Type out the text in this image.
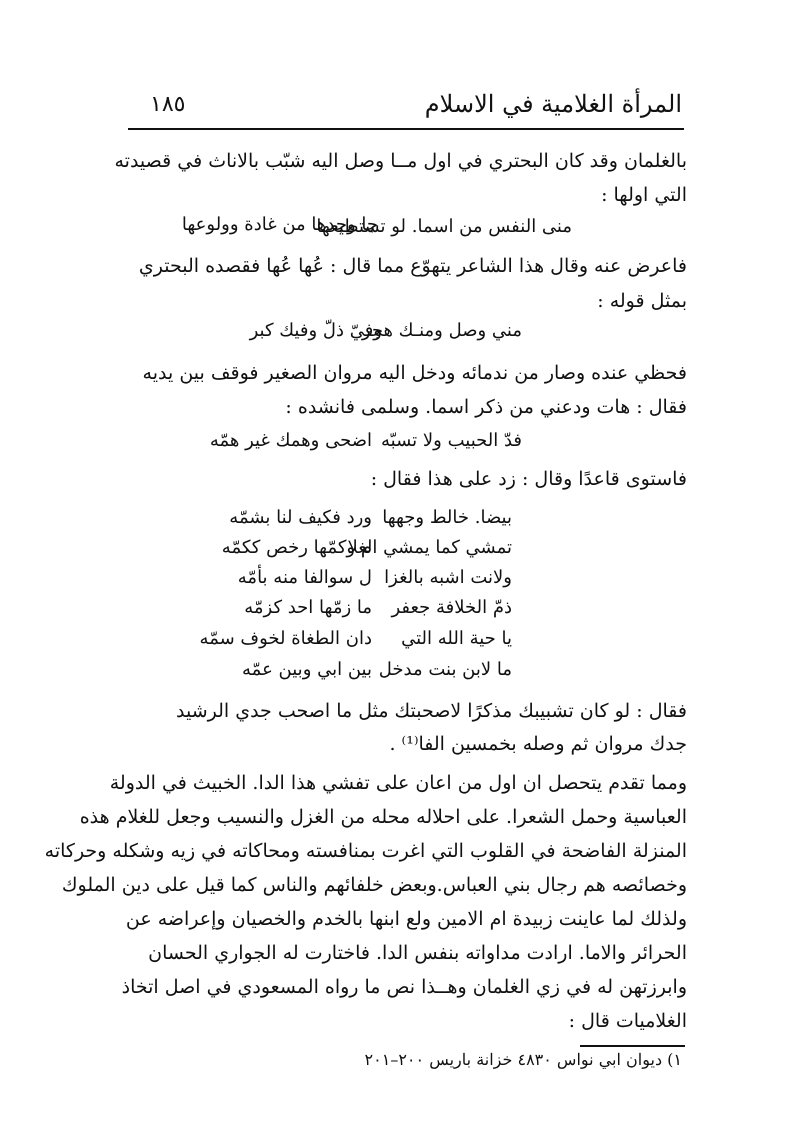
١٨٥	المرأة الغلامية في الاسلام
بالغلمان وقد كان البحتري في اول مــا وصل اليه شبّب بالاناث في قصيدته
التي اولها :
منى النفس من اسما. لو تستطيعها
جا وجدها من غادة وولوعها
فاعرض عنه وقال هذا الشاعر يتهوّع مما قال : عُها عُها فقصده البحتري
بمثل قوله :
مني وصل ومنـك هجر
وفيّ ذلّ وفيك كبر
فحظي عنده وصار من ندمائه ودخل اليه مروان الصغير فوقف بين يديه
فقال : هات ودعني من ذكر اسما. وسلمى فانشده :
فدّ الحبيب ولا تسبّه
اضحى وهمك غير همّه
فاستوى قاعدًا وقال : زد على هذا فقال :
بيضا. خالط وجهها
ورد فكيف لنا بشمّه
تمشي كما يمشي الغلا
م وكمّها رخص ككمّه
ولانت اشبه بالغزا
ل سوالفا منه بأمّه
ذمّ الخلافة جعفر
ما زمّها احد كزمّه
يا حية الله التي
دان الطغاة لخوف سمّه
ما لابن بنت مدخل
بين ابي وبين عمّه
فقال : لو كان تشبيبك مذكرًا لاصحبتك مثل ما اصحب جدي الرشيد
جدك مروان ثم وصله بخمسين الفا⁽¹⁾ .
ومما تقدم يتحصل ان اول من اعان على تفشي هذا الدا. الخبيث في الدولة
العباسية وحمل الشعرا. على احلاله محله من الغزل والنسيب وجعل للغلام هذه
المنزلة الفاضحة في القلوب التي اغرت بمنافسته ومحاكاته في زيه وشكله وحركاته
وخصائصه هم رجال بني العباس.وبعض خلفائهم والناس كما قيل على دين الملوك
ولذلك لما عاينت زبيدة ام الامين ولع ابنها بالخدم والخصيان وإعراضه عن
الحرائر والاما. ارادت مداواته بنفس الدا. فاختارت له الجواري الحسان
وابرزتهن له في زي الغلمان وهــذا نص ما رواه المسعودي في اصل اتخاذ
الغلاميات قال :
١) ديوان ابي نواس ٤٨٣٠ خزانة باريس ٢٠٠–٢٠١
